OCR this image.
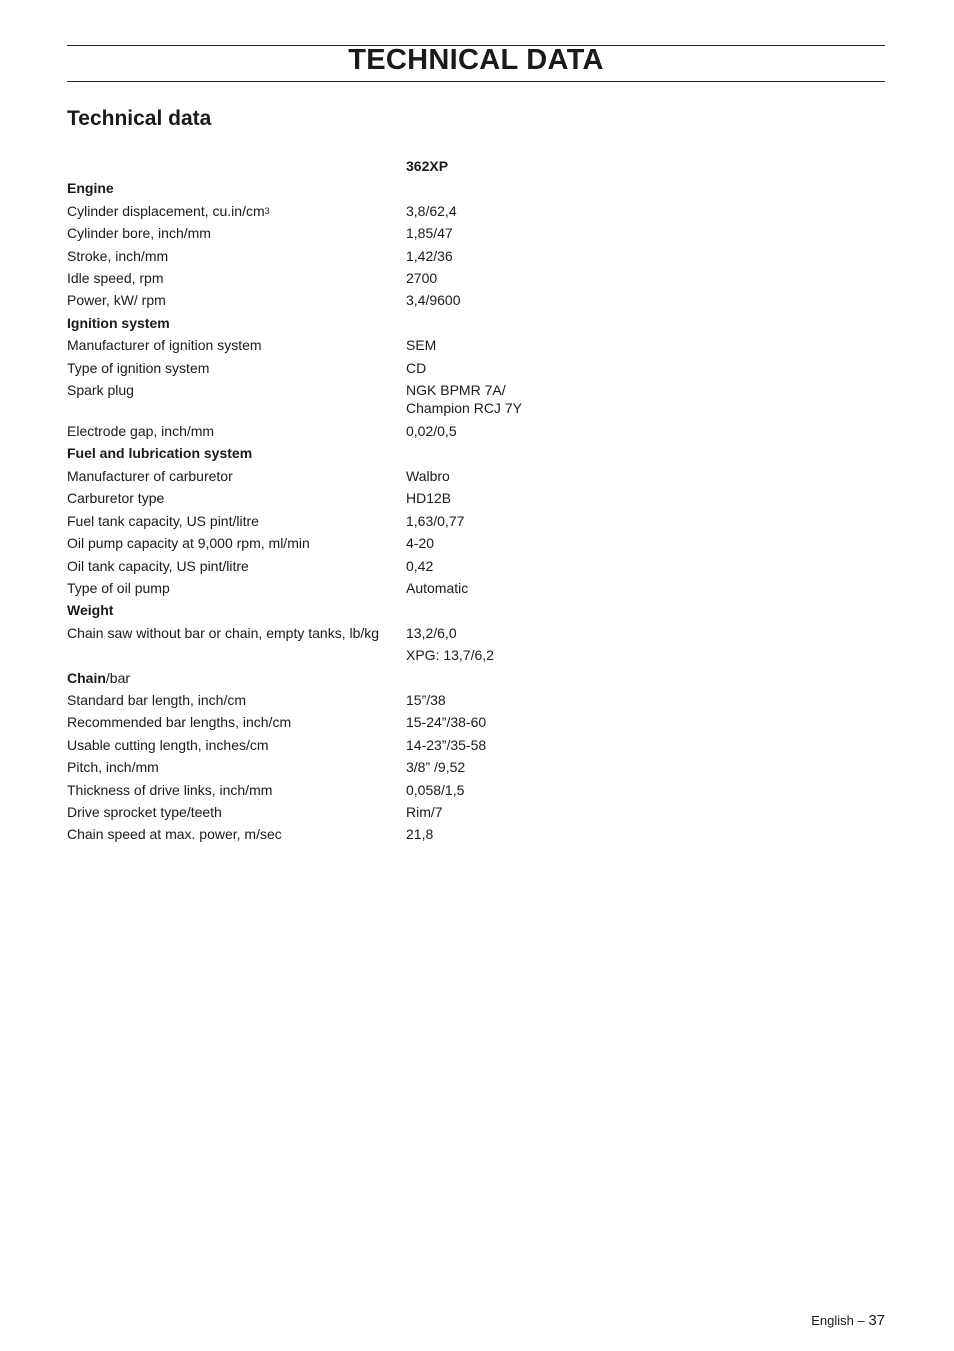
TECHNICAL DATA
Technical data
362XP
Engine
Cylinder displacement, $cu.in/cm^3$	3,8/62,4
Cylinder bore, inch/mm	1,85/47
Stroke, inch/mm	1,42/36
Idle speed, rpm	2700
Power, kW/ rpm	3,4/9600
Ignition system
Manufacturer of ignition system	SEM
Type of ignition system	CD
Spark plug	NGK BPMR 7A/
Champion RCJ 7Y
Electrode gap, inch/mm	0,02/0,5
Fuel and lubrication system
Manufacturer of carburetor	Walbro
Carburetor type	HD12B
Fuel tank capacity, US pint/litre	1,63/0,77
Oil pump capacity at 9,000 rpm, ml/min	4-20
Oil tank capacity, US pint/litre	0,42
Type of oil pump	Automatic
Weight
Chain saw without bar or chain, empty tanks, lb/kg	13,2/6,0
XPG: 13,7/6,2
Chain/bar
Standard bar length, inch/cm	15”/38
Recommended bar lengths, inch/cm	15-24”/38-60
Usable cutting length, inches/cm	14-23”/35-58
Pitch, inch/mm	3/8” /9,52
Thickness of drive links, inch/mm	0,058/1,5
Drive sprocket type/teeth	Rim/7
Chain speed at max. power, m/sec	21,8
English – 37
